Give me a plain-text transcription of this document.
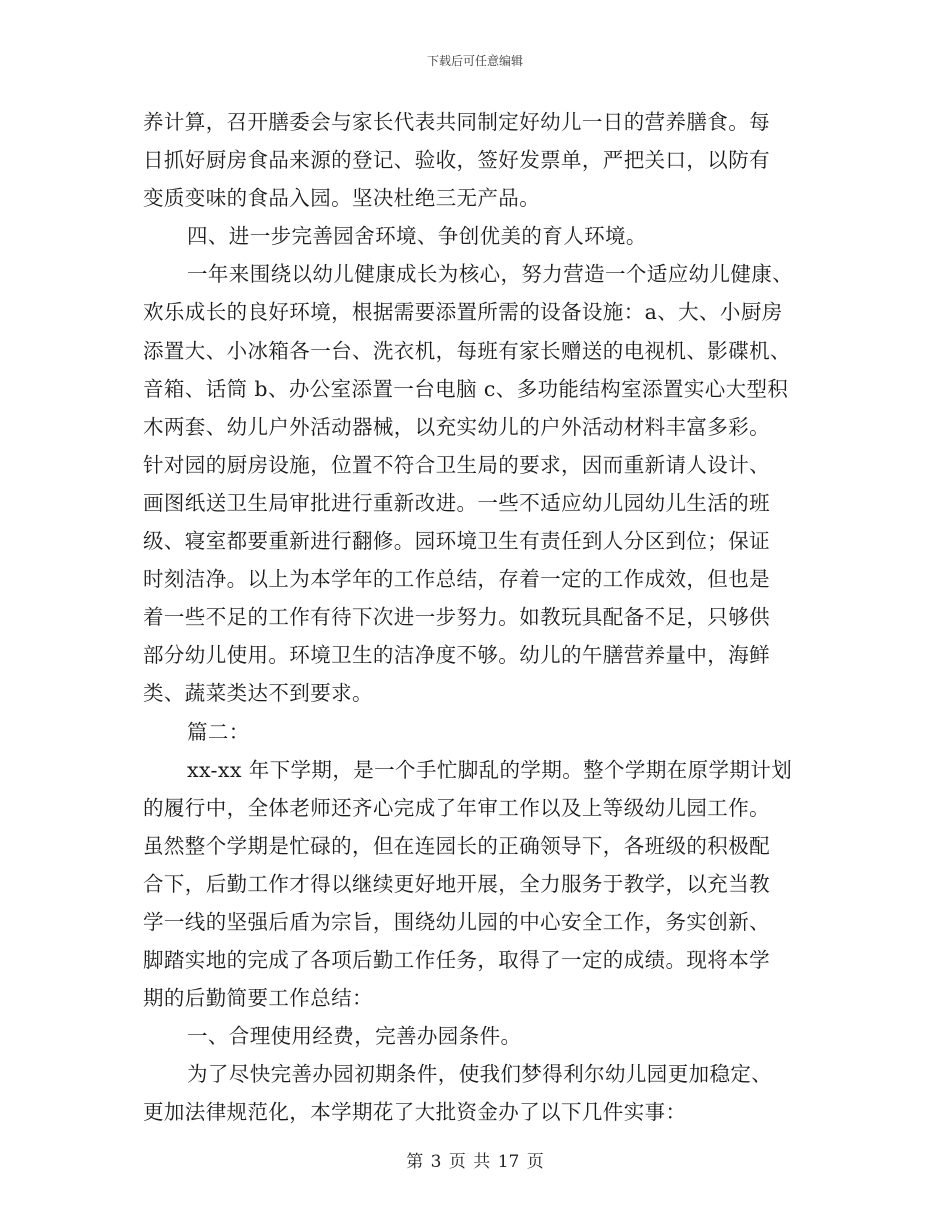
下载后可任意编辑
养计算，召开膳委会与家长代表共同制定好幼儿一日的营养膳食。每
日抓好厨房食品来源的登记、验收，签好发票单，严把关口，以防有
变质变味的食品入园。坚决杜绝三无产品。
四、进一步完善园舍环境、争创优美的育人环境。
一年来围绕以幼儿健康成长为核心，努力营造一个适应幼儿健康、
欢乐成长的良好环境，根据需要添置所需的设备设施：a、大、小厨房
添置大、小冰箱各一台、洗衣机，每班有家长赠送的电视机、影碟机、
音箱、话筒 b、办公室添置一台电脑 c、多功能结构室添置实心大型积
木两套、幼儿户外活动器械，以充实幼儿的户外活动材料丰富多彩。
针对园的厨房设施，位置不符合卫生局的要求，因而重新请人设计、
画图纸送卫生局审批进行重新改进。一些不适应幼儿园幼儿生活的班
级、寝室都要重新进行翻修。园环境卫生有责任到人分区到位；保证
时刻洁净。以上为本学年的工作总结，存着一定的工作成效，但也是
着一些不足的工作有待下次进一步努力。如教玩具配备不足，只够供
部分幼儿使用。环境卫生的洁净度不够。幼儿的午膳营养量中，海鲜
类、蔬菜类达不到要求。
篇二：
xx-xx 年下学期，是一个手忙脚乱的学期。整个学期在原学期计划
的履行中，全体老师还齐心完成了年审工作以及上等级幼儿园工作。
虽然整个学期是忙碌的，但在连园长的正确领导下，各班级的积极配
合下，后勤工作才得以继续更好地开展，全力服务于教学，以充当教
学一线的坚强后盾为宗旨，围绕幼儿园的中心安全工作，务实创新、
脚踏实地的完成了各项后勤工作任务，取得了一定的成绩。现将本学
期的后勤简要工作总结：
一、合理使用经费，完善办园条件。
为了尽快完善办园初期条件，使我们梦得利尔幼儿园更加稳定、
更加法律规范化，本学期花了大批资金办了以下几件实事：
第 3 页 共 17 页
